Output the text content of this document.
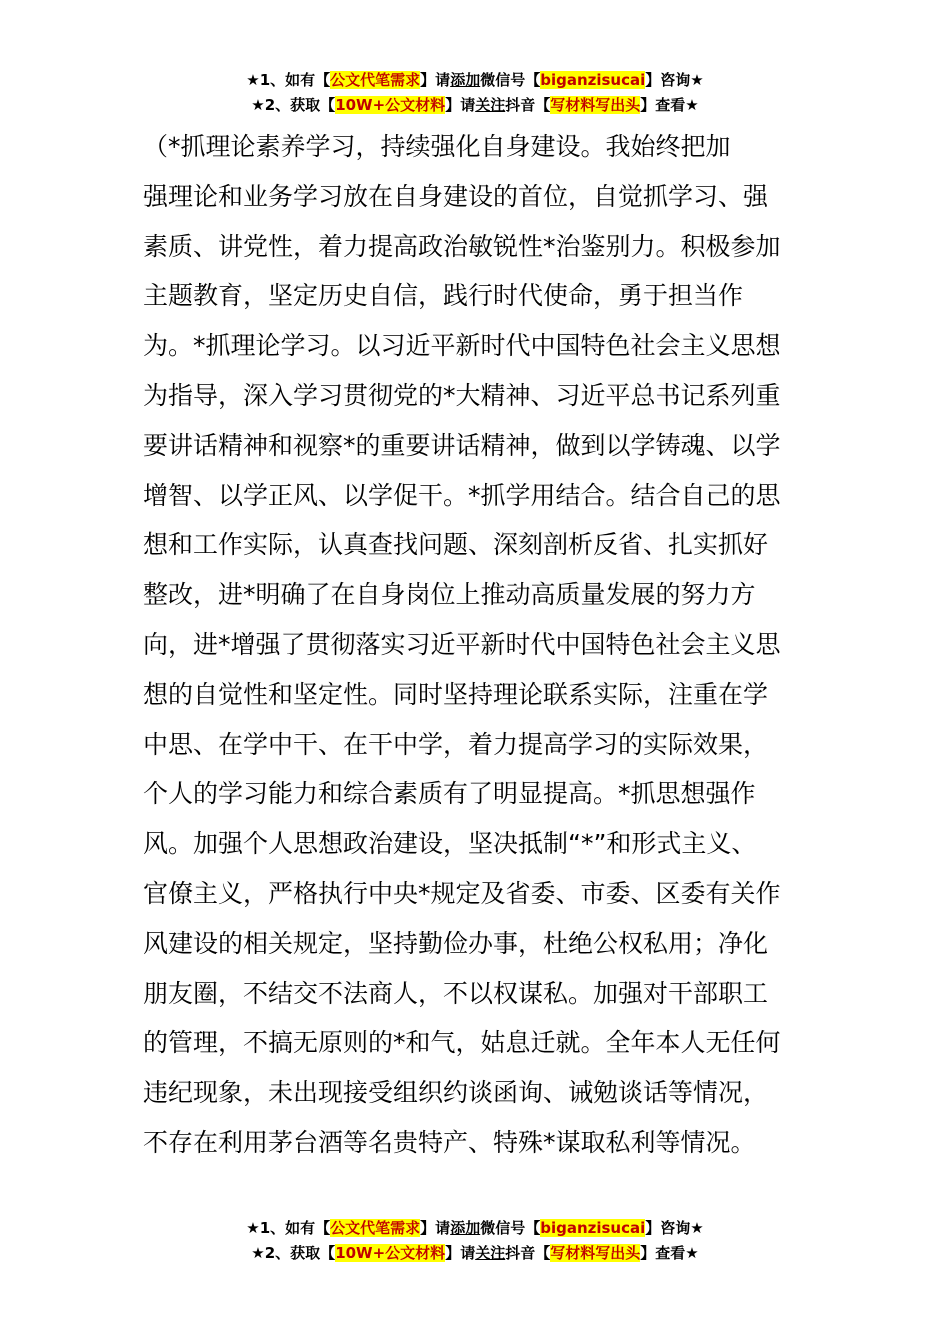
★1、如有【公文代笔需求】请添加微信号【biganzisucai】咨询★
★2、获取【10W+公文材料】请关注抖音【写材料写出头】查看★
（*抓理论素养学习，持续强化自身建设。我始终把加
强理论和业务学习放在自身建设的首位，自觉抓学习、强
素质、讲党性，着力提高政治敏锐性*治鉴别力。积极参加
主题教育，坚定历史自信，践行时代使命，勇于担当作
为。*抓理论学习。以习近平新时代中国特色社会主义思想
为指导，深入学习贯彻党的*大精神、习近平总书记系列重
要讲话精神和视察*的重要讲话精神，做到以学铸魂、以学
增智、以学正风、以学促干。*抓学用结合。结合自己的思
想和工作实际，认真查找问题、深刻剖析反省、扎实抓好
整改，进*明确了在自身岗位上推动高质量发展的努力方
向，进*增强了贯彻落实习近平新时代中国特色社会主义思
想的自觉性和坚定性。同时坚持理论联系实际，注重在学
中思、在学中干、在干中学，着力提高学习的实际效果，
个人的学习能力和综合素质有了明显提高。*抓思想强作
风。加强个人思想政治建设，坚决抵制“*”和形式主义、
官僚主义，严格执行中央*规定及省委、市委、区委有关作
风建设的相关规定，坚持勤俭办事，杜绝公权私用；净化
朋友圈，不结交不法商人，不以权谋私。加强对干部职工
的管理，不搞无原则的*和气，姑息迁就。全年本人无任何
违纪现象，未出现接受组织约谈函询、诫勉谈话等情况，
不存在利用茅台酒等名贵特产、特殊*谋取私利等情况。
★1、如有【公文代笔需求】请添加微信号【biganzisucai】咨询★
★2、获取【10W+公文材料】请关注抖音【写材料写出头】查看★
